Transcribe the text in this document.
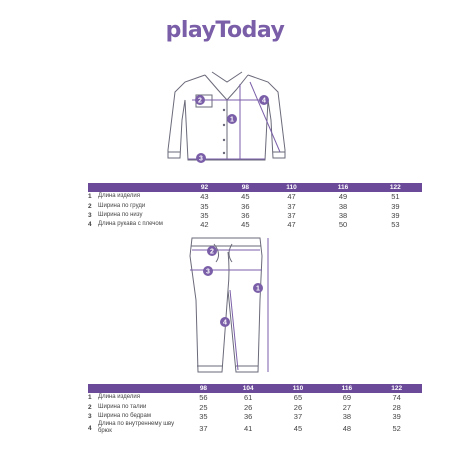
playToday
1
2
3
4
1
2
3
4
		92	98	110	116	122
1	Длина изделия	43	45	47	49	51
2	Ширина по груди	35	36	37	38	39
3	Ширина по низу	35	36	37	38	39
4	Длина рукава с плечом	42	45	47	50	53
		98	104	110	116	122
1	Длина изделия	56	61	65	69	74
2	Ширина по талии	25	26	26	27	28
3	Ширина по бедрам	35	36	37	38	39
4	Длина по внутреннему шву брюк	37	41	45	48	52
